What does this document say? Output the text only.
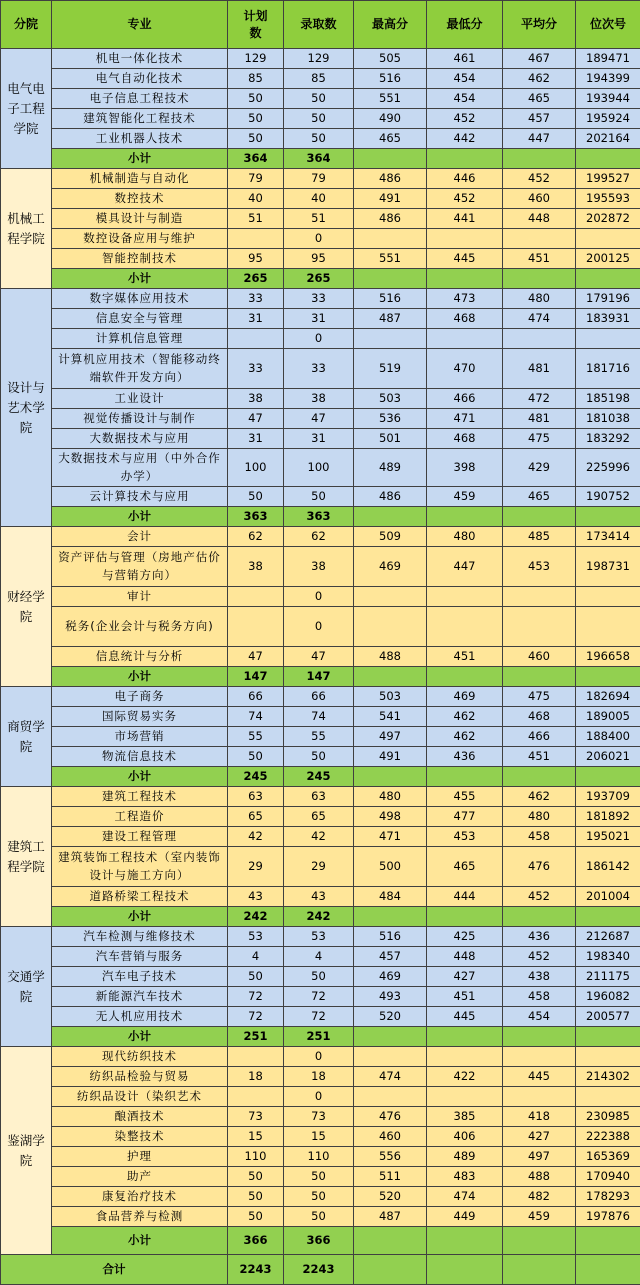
分院	专业	计划数	录取数	最高分	最低分	平均分	位次号
电气电子工程学院	机电一体化技术	129	129	505	461	467	189471
	电气自动化技术	85	85	516	454	462	194399
	电子信息工程技术	50	50	551	454	465	193944
	建筑智能化工程技术	50	50	490	452	457	195924
	工业机器人技术	50	50	465	442	447	202164
	小计	364	364				
机械工程学院	机械制造与自动化	79	79	486	446	452	199527
	数控技术	40	40	491	452	460	195593
	模具设计与制造	51	51	486	441	448	202872
	数控设备应用与维护		0				
	智能控制技术	95	95	551	445	451	200125
	小计	265	265				
设计与艺术学院	数字媒体应用技术	33	33	516	473	480	179196
	信息安全与管理	31	31	487	468	474	183931
	计算机信息管理		0				
	计算机应用技术（智能移动终端软件开发方向）	33	33	519	470	481	181716
	工业设计	38	38	503	466	472	185198
	视觉传播设计与制作	47	47	536	471	481	181038
	大数据技术与应用	31	31	501	468	475	183292
	大数据技术与应用（中外合作办学）	100	100	489	398	429	225996
	云计算技术与应用	50	50	486	459	465	190752
	小计	363	363				
财经学院	会计	62	62	509	480	485	173414
	资产评估与管理（房地产估价与营销方向）	38	38	469	447	453	198731
	审计		0				
	税务(企业会计与税务方向)		0				
	信息统计与分析	47	47	488	451	460	196658
	小计	147	147				
商贸学院	电子商务	66	66	503	469	475	182694
	国际贸易实务	74	74	541	462	468	189005
	市场营销	55	55	497	462	466	188400
	物流信息技术	50	50	491	436	451	206021
	小计	245	245				
建筑工程学院	建筑工程技术	63	63	480	455	462	193709
	工程造价	65	65	498	477	480	181892
	建设工程管理	42	42	471	453	458	195021
	建筑装饰工程技术（室内装饰设计与施工方向）	29	29	500	465	476	186142
	道路桥梁工程技术	43	43	484	444	452	201004
	小计	242	242				
交通学院	汽车检测与维修技术	53	53	516	425	436	212687
	汽车营销与服务	4	4	457	448	452	198340
	汽车电子技术	50	50	469	427	438	211175
	新能源汽车技术	72	72	493	451	458	196082
	无人机应用技术	72	72	520	445	454	200577
	小计	251	251				
鉴湖学院	现代纺织技术		0				
	纺织品检验与贸易	18	18	474	422	445	214302
	纺织品设计（染织艺术		0				
	酿酒技术	73	73	476	385	418	230985
	染整技术	15	15	460	406	427	222388
	护理	110	110	556	489	497	165369
	助产	50	50	511	483	488	170940
	康复治疗技术	50	50	520	474	482	178293
	食品营养与检测	50	50	487	449	459	197876
	小计	366	366				
合计		2243	2243				
